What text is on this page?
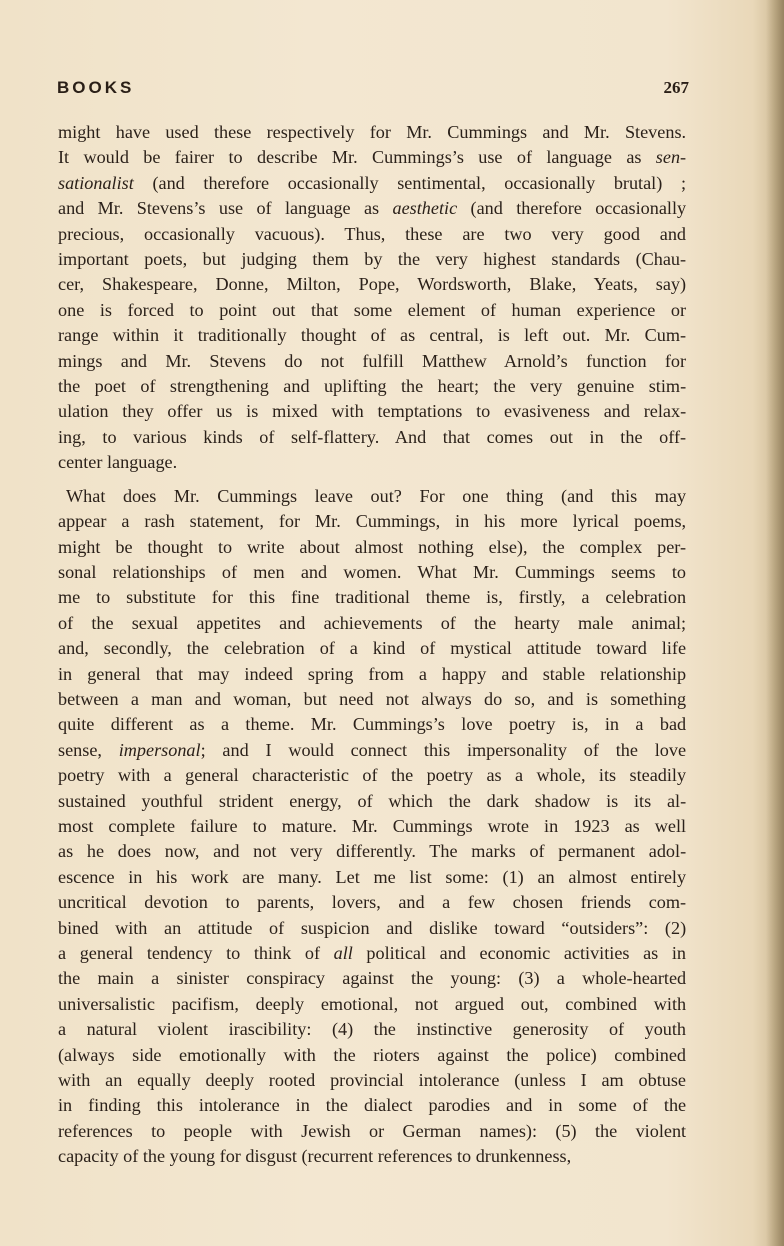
BOOKS	267
might have used these respectively for Mr. Cummings and Mr. Stevens.
It would be fairer to describe Mr. Cummings’s use of language as sen-
sationalist (and therefore occasionally sentimental, occasionally brutal) ;
and Mr. Stevens’s use of language as aesthetic (and therefore occasionally
precious, occasionally vacuous). Thus, these are two very good and
important poets, but judging them by the very highest standards (Chau-
cer, Shakespeare, Donne, Milton, Pope, Wordsworth, Blake, Yeats, say)
one is forced to point out that some element of human experience or
range within it traditionally thought of as central, is left out. Mr. Cum-
mings and Mr. Stevens do not fulfill Matthew Arnold’s function for
the poet of strengthening and uplifting the heart; the very genuine stim-
ulation they offer us is mixed with temptations to evasiveness and relax-
ing, to various kinds of self-flattery. And that comes out in the off-
center language.
What does Mr. Cummings leave out? For one thing (and this may
appear a rash statement, for Mr. Cummings, in his more lyrical poems,
might be thought to write about almost nothing else), the complex per-
sonal relationships of men and women. What Mr. Cummings seems to
me to substitute for this fine traditional theme is, firstly, a celebration
of the sexual appetites and achievements of the hearty male animal;
and, secondly, the celebration of a kind of mystical attitude toward life
in general that may indeed spring from a happy and stable relationship
between a man and woman, but need not always do so, and is something
quite different as a theme. Mr. Cummings’s love poetry is, in a bad
sense, impersonal; and I would connect this impersonality of the love
poetry with a general characteristic of the poetry as a whole, its steadily
sustained youthful strident energy, of which the dark shadow is its al-
most complete failure to mature. Mr. Cummings wrote in 1923 as well
as he does now, and not very differently. The marks of permanent adol-
escence in his work are many. Let me list some: (1) an almost entirely
uncritical devotion to parents, lovers, and a few chosen friends com-
bined with an attitude of suspicion and dislike toward “outsiders”: (2)
a general tendency to think of all political and economic activities as in
the main a sinister conspiracy against the young: (3) a whole-hearted
universalistic pacifism, deeply emotional, not argued out, combined with
a natural violent irascibility: (4) the instinctive generosity of youth
(always side emotionally with the rioters against the police) combined
with an equally deeply rooted provincial intolerance (unless I am obtuse
in finding this intolerance in the dialect parodies and in some of the
references to people with Jewish or German names): (5) the violent
capacity of the young for disgust (recurrent references to drunkenness,
